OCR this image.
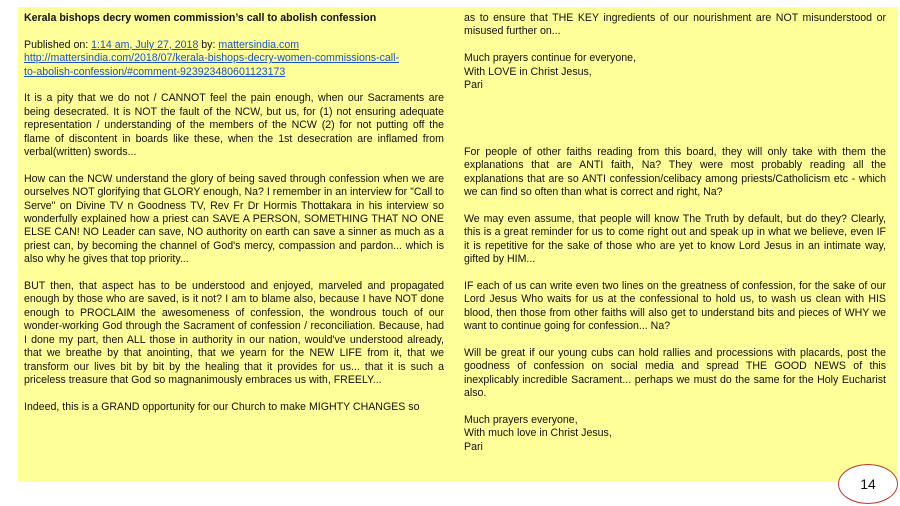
Kerala bishops decry women commission’s call to abolish confession

Published on: 1:14 am, July 27, 2018 by: mattersindia.com
http://mattersindia.com/2018/07/kerala-bishops-decry-women-commissions-call-
to-abolish-confession/#comment-923923480601123173

It is a pity that we do not / CANNOT feel the pain enough, when our Sacraments are being desecrated. It is NOT the fault of the NCW, but us, for (1) not ensuring adequate representation / understanding of the members of the NCW (2) for not putting off the flame of discontent in boards like these, when the 1st desecration are inflamed from verbal(written) swords...

How can the NCW understand the glory of being saved through confession when we are ourselves NOT glorifying that GLORY enough, Na? I remember in an interview for "Call to Serve" on Divine TV n Goodness TV, Rev Fr Dr Hormis Thottakara in his interview so wonderfully explained how a priest can SAVE A PERSON, SOMETHING THAT NO ONE ELSE CAN! NO Leader can save, NO authority on earth can save a sinner as much as a priest can, by becoming the channel of God's mercy, compassion and pardon... which is also why he gives that top priority...

BUT then, that aspect has to be understood and enjoyed, marveled and propagated enough by those who are saved, is it not? I am to blame also, because I have NOT done enough to PROCLAIM the awesomeness of confession, the wondrous touch of our wonder-working God through the Sacrament of confession / reconciliation. Because, had I done my part, then ALL those in authority in our nation, would've understood already, that we breathe by that anointing, that we yearn for the NEW LIFE from it, that we transform our lives bit by bit by the healing that it provides for us... that it is such a priceless treasure that God so magnanimously embraces us with, FREELY...

Indeed, this is a GRAND opportunity for our Church to make MIGHTY CHANGES so

as to ensure that THE KEY ingredients of our nourishment are NOT misunderstood or misused further on...

Much prayers continue for everyone,
With LOVE in Christ Jesus,
Pari

For people of other faiths reading from this board, they will only take with them the explanations that are ANTI faith, Na? They were most probably reading all the explanations that are so ANTI confession/celibacy among priests/Catholicism etc - which we can find so often than what is correct and right, Na?

We may even assume, that people will know The Truth by default, but do they? Clearly, this is a great reminder for us to come right out and speak up in what we believe, even IF it is repetitive for the sake of those who are yet to know Lord Jesus in an intimate way, gifted by HIM...

IF each of us can write even two lines on the greatness of confession, for the sake of our Lord Jesus Who waits for us at the confessional to hold us, to wash us clean with HIS blood, then those from other faiths will also get to understand bits and pieces of WHY we want to continue going for confession... Na?

Will be great if our young cubs can hold rallies and processions with placards, post the goodness of confession on social media and spread THE GOOD NEWS of this inexplicably incredible Sacrament... perhaps we must do the same for the Holy Eucharist also.

Much prayers everyone,
With much love in Christ Jesus,
Pari

14
